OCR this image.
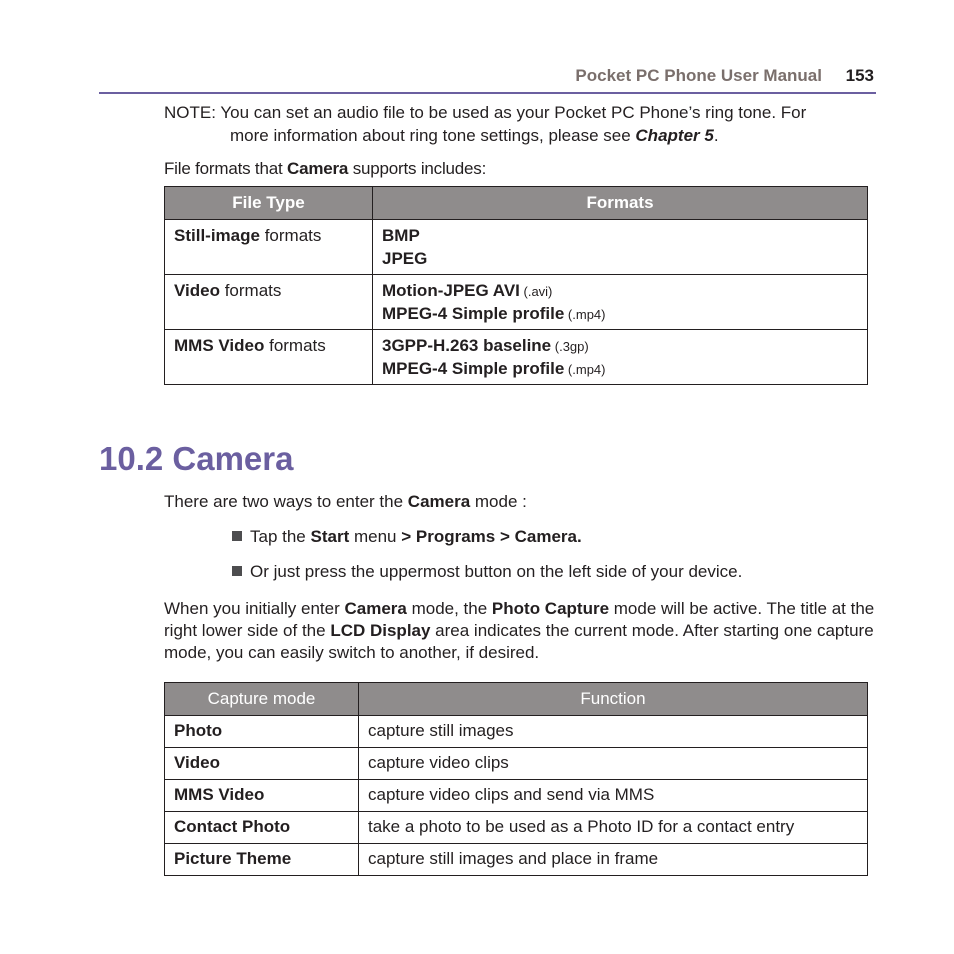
Pocket PC Phone User Manual 153
NOTE: You can set an audio file to be used as your Pocket PC Phone’s ring tone. For
more information about ring tone settings, please see Chapter 5.
File formats that Camera supports includes:
File Type	Formats
Still-image formats	BMP
JPEG
Video formats	Motion-JPEG AVI (.avi)
MPEG-4 Simple profile (.mp4)
MMS Video formats	3GPP-H.263 baseline (.3gp)
MPEG-4 Simple profile (.mp4)
10.2 Camera
There are two ways to enter the Camera mode :
Tap the Start menu > Programs > Camera.
Or just press the uppermost button on the left side of your device.
When you initially enter Camera mode, the Photo Capture mode will be active. The title at the right lower side of the LCD Display area indicates the current mode. After starting one capture mode, you can easily switch to another, if desired.
Capture mode	Function
Photo	capture still images
Video	capture video clips
MMS Video	capture video clips and send via MMS
Contact Photo	take a photo to be used as a Photo ID for a contact entry
Picture Theme	capture still images and place in frame
